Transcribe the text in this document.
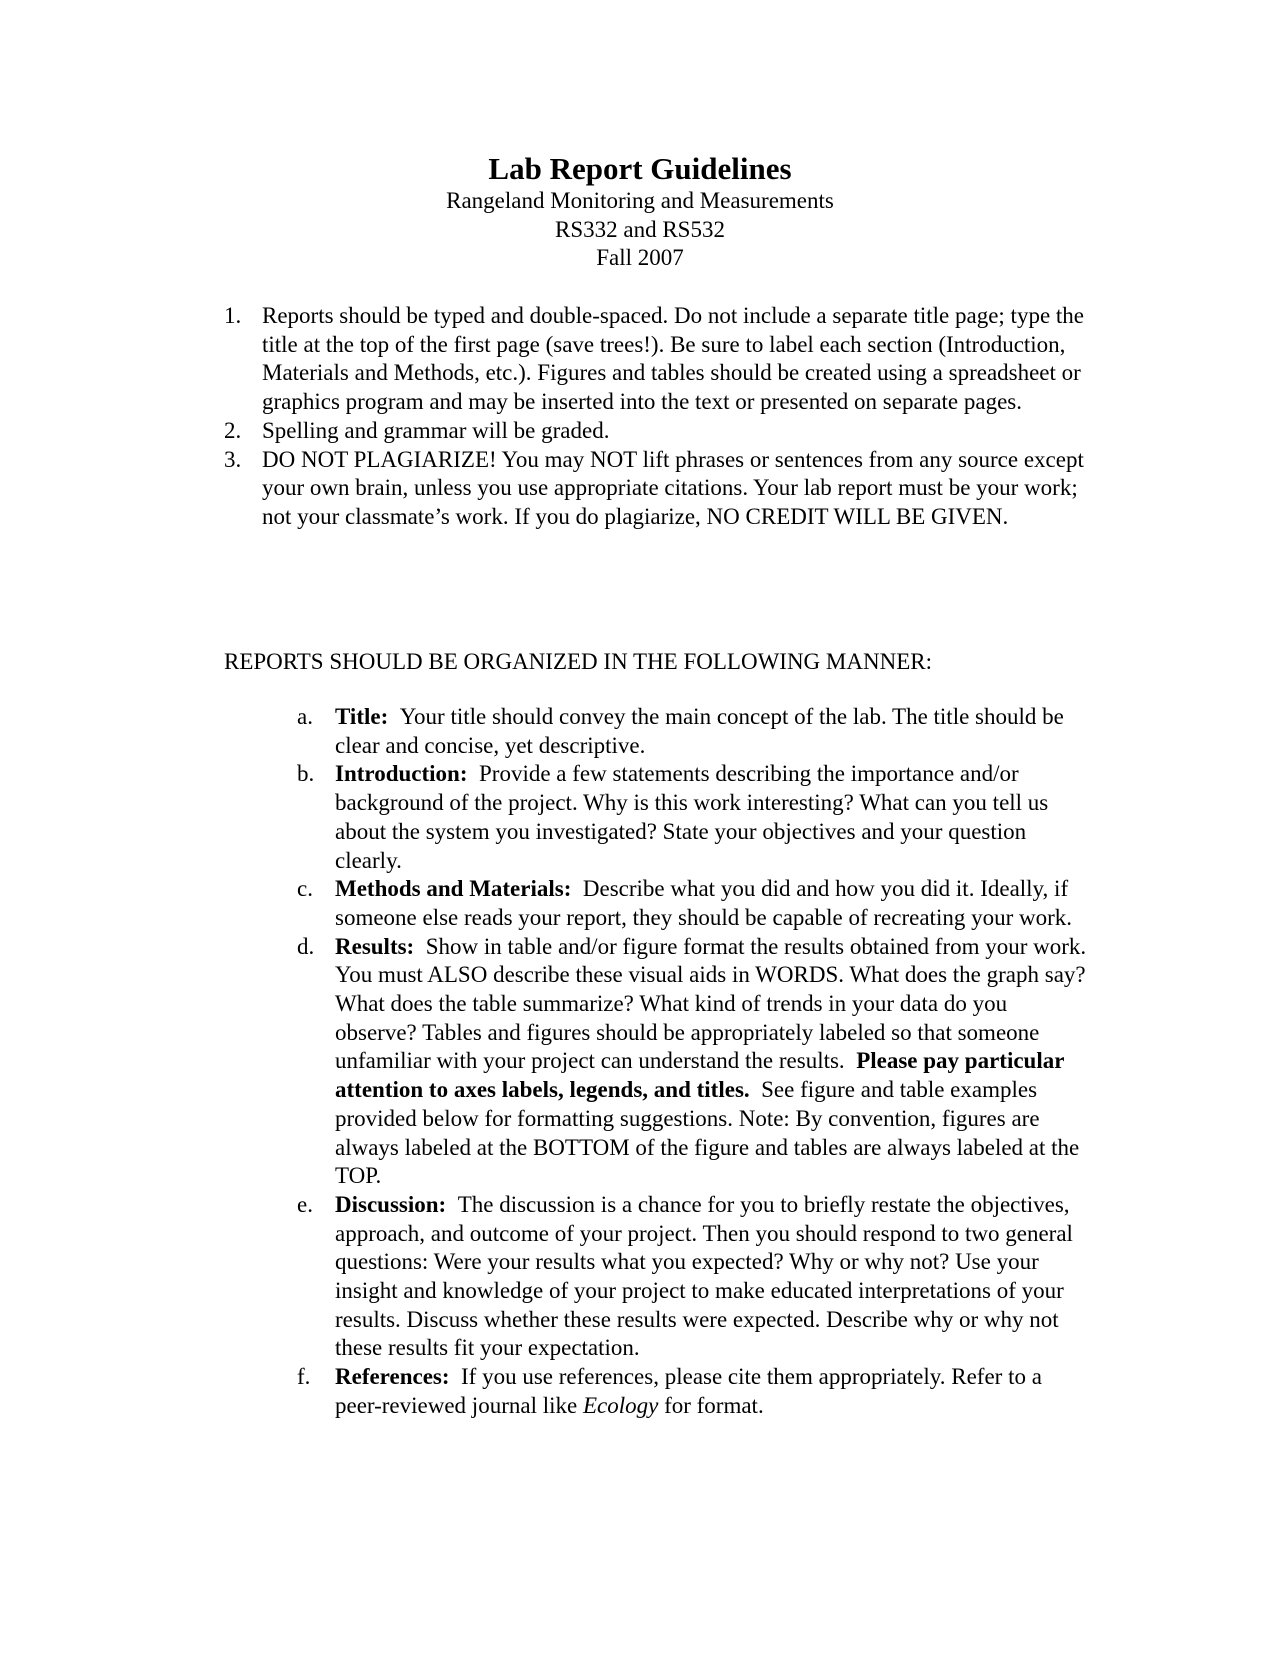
Lab Report Guidelines
Rangeland Monitoring and Measurements
RS332 and RS532
Fall 2007
1. Reports should be typed and double-spaced. Do not include a separate title page; type the title at the top of the first page (save trees!). Be sure to label each section (Introduction, Materials and Methods, etc.). Figures and tables should be created using a spreadsheet or graphics program and may be inserted into the text or presented on separate pages.
2. Spelling and grammar will be graded.
3. DO NOT PLAGIARIZE! You may NOT lift phrases or sentences from any source except your own brain, unless you use appropriate citations. Your lab report must be your work; not your classmate’s work. If you do plagiarize, NO CREDIT WILL BE GIVEN.
REPORTS SHOULD BE ORGANIZED IN THE FOLLOWING MANNER:
a. Title: Your title should convey the main concept of the lab. The title should be clear and concise, yet descriptive.
b. Introduction: Provide a few statements describing the importance and/or background of the project. Why is this work interesting? What can you tell us about the system you investigated? State your objectives and your question clearly.
c. Methods and Materials: Describe what you did and how you did it. Ideally, if someone else reads your report, they should be capable of recreating your work.
d. Results: Show in table and/or figure format the results obtained from your work. You must ALSO describe these visual aids in WORDS. What does the graph say? What does the table summarize? What kind of trends in your data do you observe? Tables and figures should be appropriately labeled so that someone unfamiliar with your project can understand the results. Please pay particular attention to axes labels, legends, and titles. See figure and table examples provided below for formatting suggestions. Note: By convention, figures are always labeled at the BOTTOM of the figure and tables are always labeled at the TOP.
e. Discussion: The discussion is a chance for you to briefly restate the objectives, approach, and outcome of your project. Then you should respond to two general questions: Were your results what you expected? Why or why not? Use your insight and knowledge of your project to make educated interpretations of your results. Discuss whether these results were expected. Describe why or why not these results fit your expectation.
f. References: If you use references, please cite them appropriately. Refer to a peer-reviewed journal like Ecology for format.
